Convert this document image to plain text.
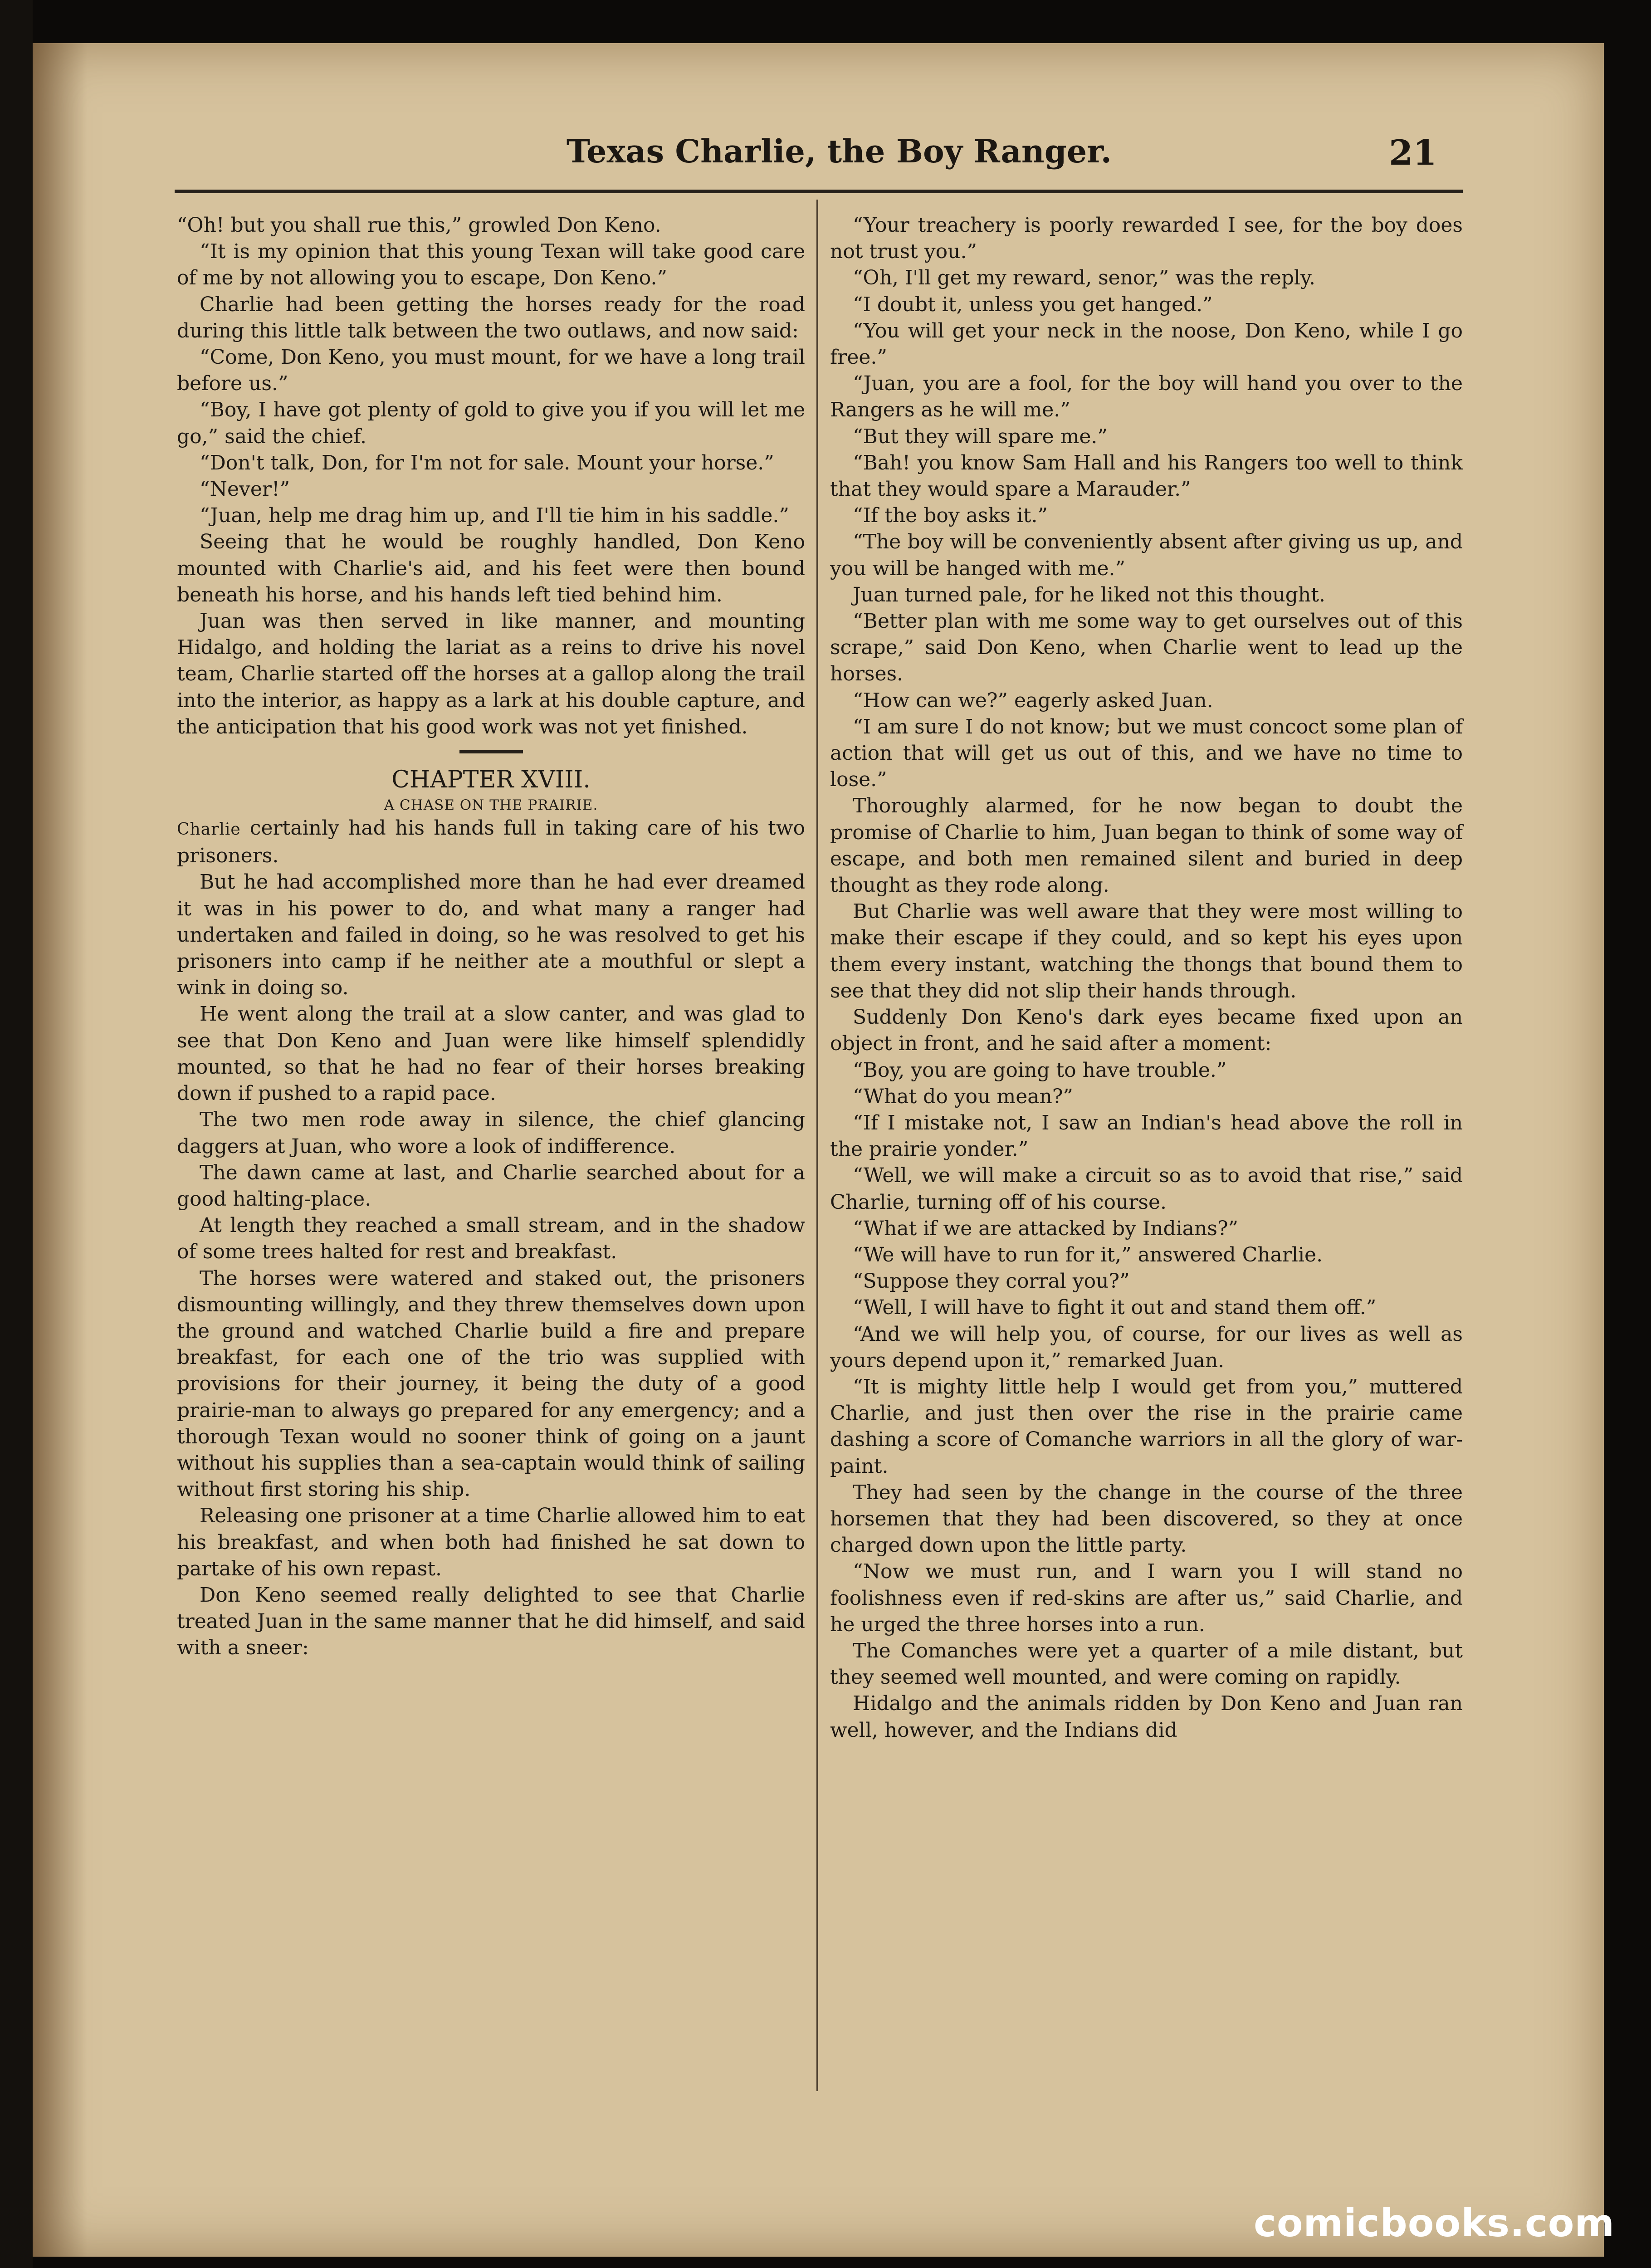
Texas Charlie, the Boy Ranger.	21

“Oh! but you shall rue this,” growled Don Keno.

“It is my opinion that this young Texan will take good care of me by not allowing you to escape, Don Keno.”

Charlie had been getting the horses ready for the road during this little talk between the two outlaws, and now said:

“Come, Don Keno, you must mount, for we have a long trail before us.”

“Boy, I have got plenty of gold to give you if you will let me go,” said the chief.

“Don't talk, Don, for I'm not for sale. Mount your horse.”

“Never!”

“Juan, help me drag him up, and I'll tie him in his saddle.”

Seeing that he would be roughly handled, Don Keno mounted with Charlie's aid, and his feet were then bound beneath his horse, and his hands left tied behind him.

Juan was then served in like manner, and mounting Hidalgo, and holding the lariat as a reins to drive his novel team, Charlie started off the horses at a gallop along the trail into the interior, as happy as a lark at his double capture, and the anticipation that his good work was not yet finished.

CHAPTER XVIII.
A CHASE ON THE PRAIRIE.

Charlie certainly had his hands full in taking care of his two prisoners.

But he had accomplished more than he had ever dreamed it was in his power to do, and what many a ranger had undertaken and failed in doing, so he was resolved to get his prisoners into camp if he neither ate a mouthful or slept a wink in doing so.

He went along the trail at a slow canter, and was glad to see that Don Keno and Juan were like himself splendidly mounted, so that he had no fear of their horses breaking down if pushed to a rapid pace.

The two men rode away in silence, the chief glancing daggers at Juan, who wore a look of indifference.

The dawn came at last, and Charlie searched about for a good halting-place.

At length they reached a small stream, and in the shadow of some trees halted for rest and breakfast.

The horses were watered and staked out, the prisoners dismounting willingly, and they threw themselves down upon the ground and watched Charlie build a fire and prepare breakfast, for each one of the trio was supplied with provisions for their journey, it being the duty of a good prairie-man to always go prepared for any emergency; and a thorough Texan would no sooner think of going on a jaunt without his supplies than a sea-captain would think of sailing without first storing his ship.

Releasing one prisoner at a time Charlie allowed him to eat his breakfast, and when both had finished he sat down to partake of his own repast.

Don Keno seemed really delighted to see that Charlie treated Juan in the same manner that he did himself, and said with a sneer:

“Your treachery is poorly rewarded I see, for the boy does not trust you.”

“Oh, I'll get my reward, senor,” was the reply.

“I doubt it, unless you get hanged.”

“You will get your neck in the noose, Don Keno, while I go free.”

“Juan, you are a fool, for the boy will hand you over to the Rangers as he will me.”

“But they will spare me.”

“Bah! you know Sam Hall and his Rangers too well to think that they would spare a Marauder.”

“If the boy asks it.”

“The boy will be conveniently absent after giving us up, and you will be hanged with me.”

Juan turned pale, for he liked not this thought.

“Better plan with me some way to get ourselves out of this scrape,” said Don Keno, when Charlie went to lead up the horses.

“How can we?” eagerly asked Juan.

“I am sure I do not know; but we must concoct some plan of action that will get us out of this, and we have no time to lose.”

Thoroughly alarmed, for he now began to doubt the promise of Charlie to him, Juan began to think of some way of escape, and both men remained silent and buried in deep thought as they rode along.

But Charlie was well aware that they were most willing to make their escape if they could, and so kept his eyes upon them every instant, watching the thongs that bound them to see that they did not slip their hands through.

Suddenly Don Keno's dark eyes became fixed upon an object in front, and he said after a moment:

“Boy, you are going to have trouble.”

“What do you mean?”

“If I mistake not, I saw an Indian's head above the roll in the prairie yonder.”

“Well, we will make a circuit so as to avoid that rise,” said Charlie, turning off of his course.

“What if we are attacked by Indians?”

“We will have to run for it,” answered Charlie.

“Suppose they corral you?”

“Well, I will have to fight it out and stand them off.”

“And we will help you, of course, for our lives as well as yours depend upon it,” remarked Juan.

“It is mighty little help I would get from you,” muttered Charlie, and just then over the rise in the prairie came dashing a score of Comanche warriors in all the glory of war-paint.

They had seen by the change in the course of the three horsemen that they had been discovered, so they at once charged down upon the little party.

“Now we must run, and I warn you I will stand no foolishness even if red-skins are after us,” said Charlie, and he urged the three horses into a run.

The Comanches were yet a quarter of a mile distant, but they seemed well mounted, and were coming on rapidly.

Hidalgo and the animals ridden by Don Keno and Juan ran well, however, and the Indians did

comicbooks.com
